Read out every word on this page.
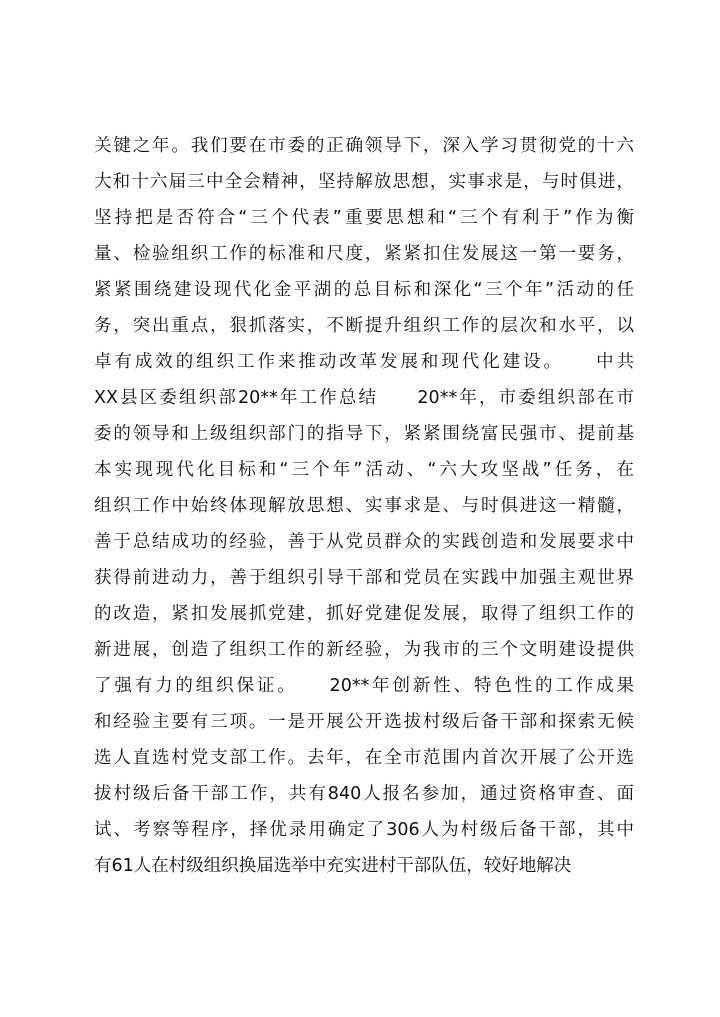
关键之年。我们要在市委的正确领导下，深入学习贯彻党的十六
大和十六届三中全会精神，坚持解放思想，实事求是，与时俱进，
坚持把是否符合“三个代表”重要思想和“三个有利于”作为衡
量、检验组织工作的标准和尺度，紧紧扣住发展这一第一要务，
紧紧围绕建设现代化金平湖的总目标和深化“三个年”活动的任
务，突出重点，狠抓落实，不断提升组织工作的层次和水平，以
卓有成效的组织工作来推动改革发展和现代化建设。　　中共
XX县区委组织部20**年工作总结　　20**年，市委组织部在市
委的领导和上级组织部门的指导下，紧紧围绕富民强市、提前基
本实现现代化目标和“三个年”活动、“六大攻坚战”任务，在
组织工作中始终体现解放思想、实事求是、与时俱进这一精髓，
善于总结成功的经验，善于从党员群众的实践创造和发展要求中
获得前进动力，善于组织引导干部和党员在实践中加强主观世界
的改造，紧扣发展抓党建，抓好党建促发展，取得了组织工作的
新进展，创造了组织工作的新经验，为我市的三个文明建设提供
了强有力的组织保证。　　20**年创新性、特色性的工作成果
和经验主要有三项。一是开展公开选拔村级后备干部和探索无候
选人直选村党支部工作。去年，在全市范围内首次开展了公开选
拔村级后备干部工作，共有840人报名参加，通过资格审查、面
试、考察等程序，择优录用确定了306人为村级后备干部，其中
有61人在村级组织换届选举中充实进村干部队伍，较好地解决
